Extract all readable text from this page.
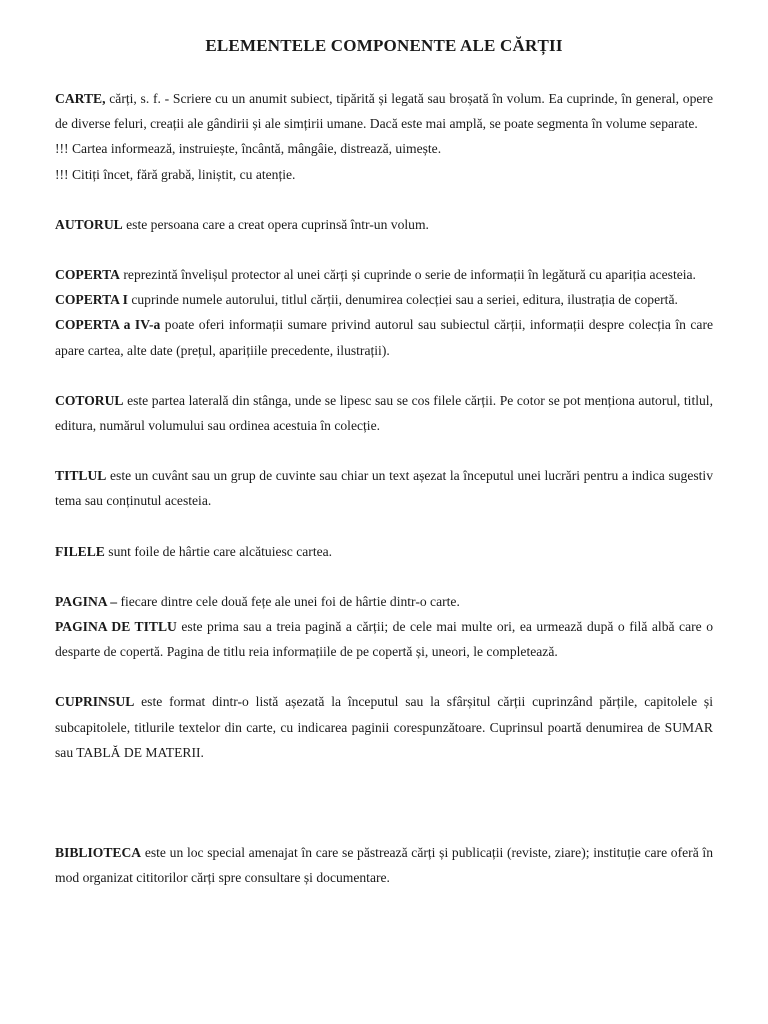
ELEMENTELE COMPONENTE ALE CĂRȚII

CARTE, cărți, s. f. - Scriere cu un anumit subiect, tipărită și legată sau broșată în volum. Ea cuprinde, în general, opere de diverse feluri, creații ale gândirii și ale simțirii umane. Dacă este mai amplă, se poate segmenta în volume separate.

!!! Cartea informează, instruiește, încântă, mângâie, distrează, uimește.

!!! Citiți încet, fără grabă, liniștit, cu atenție.

AUTORUL este persoana care a creat opera cuprinsă într-un volum.

COPERTA reprezintă învelișul protector al unei cărți și cuprinde o serie de informații în legătură cu apariția acesteia.

COPERTA I cuprinde numele autorului, titlul cărții, denumirea colecției sau a seriei, editura, ilustrația de copertă.

COPERTA a IV-a poate oferi informații sumare privind autorul sau subiectul cărții, informații despre colecția în care apare cartea, alte date (prețul, aparițiile precedente, ilustrații).

COTORUL este partea laterală din stânga, unde se lipesc sau se cos filele cărții. Pe cotor se pot menționa autorul, titlul, editura, numărul volumului sau ordinea acestuia în colecție.

TITLUL este un cuvânt sau un grup de cuvinte sau chiar un text așezat la începutul unei lucrări pentru a indica sugestiv tema sau conținutul acesteia.

FILELE sunt foile de hârtie care alcătuiesc cartea.

PAGINA – fiecare dintre cele două fețe ale unei foi de hârtie dintr-o carte.

PAGINA DE TITLU este prima sau a treia pagină a cărții; de cele mai multe ori, ea urmează după o filă albă care o desparte de copertă. Pagina de titlu reia informațiile de pe copertă și, uneori, le completează.

CUPRINSUL este format dintr-o listă așezată la începutul sau la sfârșitul cărții cuprinzând părțile, capitolele și subcapitolele, titlurile textelor din carte, cu indicarea paginii corespunzătoare. Cuprinsul poartă denumirea de SUMAR sau TABLĂ DE MATERII.

BIBLIOTECA este un loc special amenajat în care se păstrează cărți și publicații (reviste, ziare); instituție care oferă în mod organizat cititorilor cărți spre consultare și documentare.
